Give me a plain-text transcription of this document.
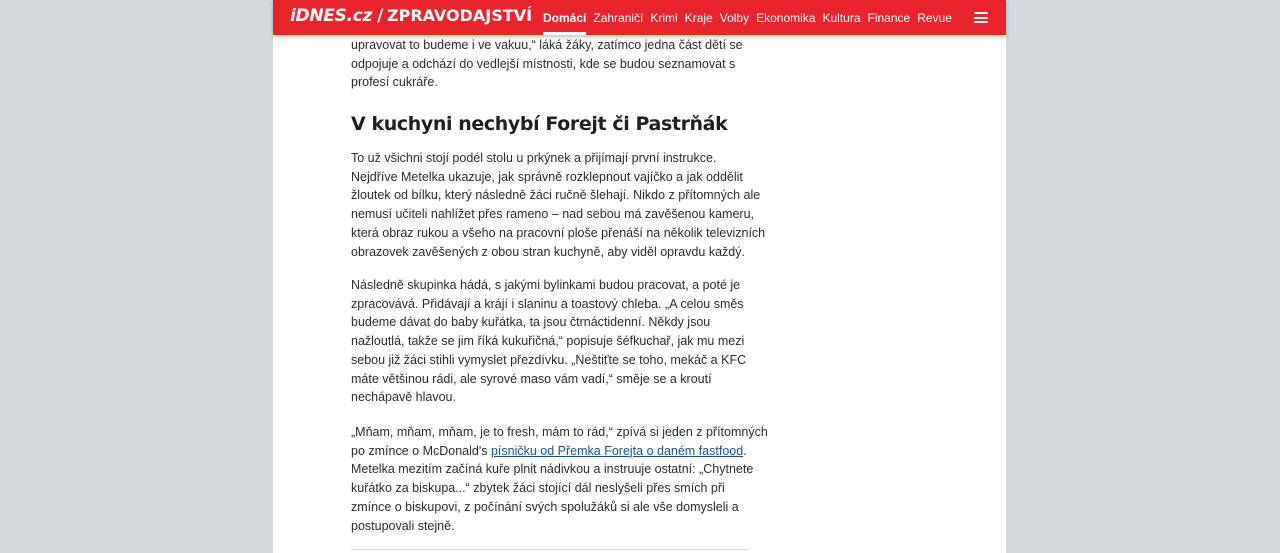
iDNES.cz / ZPRAVODAJSTVÍ Domácí Zahraničí Krimi Kraje Volby Ekonomika Kultura Finance Revue
upravovat to budeme i ve vakuu,“ láká žáky, zatímco jedna část dětí se
odpojuje a odchází do vedlejší místnosti, kde se budou seznamovat s
profesí cukráře.
V kuchyni nechybí Forejt či Pastrňák
To už všichni stojí podél stolu u prkýnek a přijímají první instrukce.
Nejdříve Metelka ukazuje, jak správně rozklepnout vajíčko a jak oddělit
žloutek od bílku, který následně žáci ručně šlehají. Nikdo z přítomných ale
nemusí učiteli nahlížet přes rameno – nad sebou má zavěšenou kameru,
která obraz rukou a všeho na pracovní ploše přenáší na několik televizních
obrazovek zavěšených z obou stran kuchyně, aby viděl opravdu každý.
Následně skupinka hádá, s jakými bylinkami budou pracovat, a poté je
zpracovává. Přidávají a krájí i slaninu a toastový chleba. „A celou směs
budeme dávat do baby kuřátka, ta jsou čtrnáctidenní. Někdy jsou
nažloutlá, takže se jim říká kukuřičná,“ popisuje šéfkuchař, jak mu mezi
sebou již žáci stihli vymyslet přezdívku. „Neštiťte se toho, mekáč a KFC
máte většinou rádi, ale syrové maso vám vadí,“ směje se a kroutí
nechápavě hlavou.
„Mňam, mňam, mňam, je to fresh, mám to rád,“ zpívá si jeden z přítomných
po zmínce o McDonald's písničku od Přemka Forejta o daném fastfood.
Metelka mezitím začíná kuře plnit nádivkou a instruuje ostatní: „Chytnete
kuřátko za biskupa...“ zbytek žáci stojící dál neslyšeli přes smích při
zmínce o biskupovi, z počínání svých spolužáků si ale vše domysleli a
postupovali stejně.
